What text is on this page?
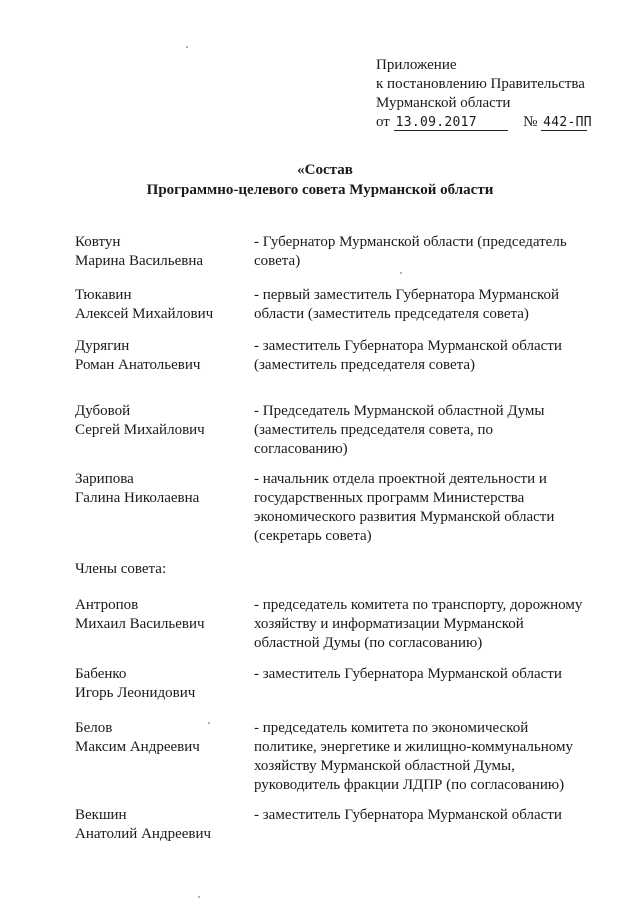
Приложение
к постановлению Правительства
Мурманской области
от 13.09.2017	№ 442-ПП
«Состав
Программно-целевого совета Мурманской области
Ковтун
Марина Васильевна
- Губернатор Мурманской области (председатель
совета)
Тюкавин
Алексей Михайлович
- первый заместитель Губернатора Мурманской
области (заместитель председателя совета)
Дурягин
Роман Анатольевич
- заместитель Губернатора Мурманской области
(заместитель председателя совета)
Дубовой
Сергей Михайлович
- Председатель Мурманской областной Думы
(заместитель председателя совета, по
согласованию)
Зарипова
Галина Николаевна
- начальник отдела проектной деятельности и
государственных программ Министерства
экономического развития Мурманской области
(секретарь совета)
Члены совета:
Антропов
Михаил Васильевич
- председатель комитета по транспорту, дорожному
хозяйству и информатизации Мурманской
областной Думы (по согласованию)
Бабенко
Игорь Леонидович
- заместитель Губернатора Мурманской области
Белов
Максим Андреевич
- председатель комитета по экономической
политике, энергетике и жилищно-коммунальному
хозяйству Мурманской областной Думы,
руководитель фракции ЛДПР (по согласованию)
Векшин
Анатолий Андреевич
- заместитель Губернатора Мурманской области
